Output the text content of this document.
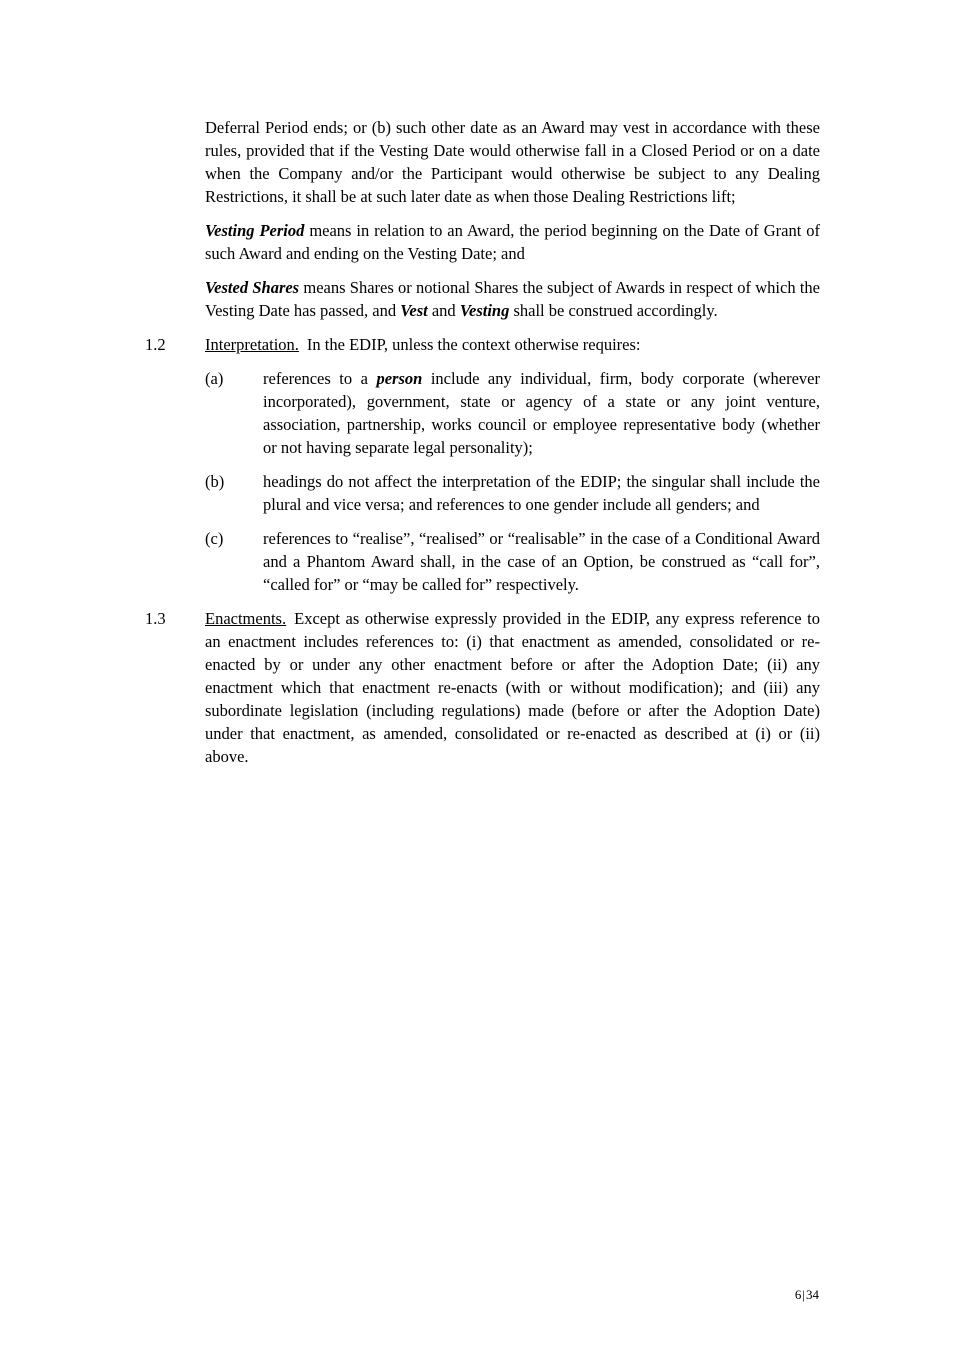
Deferral Period ends; or (b) such other date as an Award may vest in accordance with these rules, provided that if the Vesting Date would otherwise fall in a Closed Period or on a date when the Company and/or the Participant would otherwise be subject to any Dealing Restrictions, it shall be at such later date as when those Dealing Restrictions lift;

Vesting Period means in relation to an Award, the period beginning on the Date of Grant of such Award and ending on the Vesting Date; and

Vested Shares means Shares or notional Shares the subject of Awards in respect of which the Vesting Date has passed, and Vest and Vesting shall be construed accordingly.

1.2	Interpretation. In the EDIP, unless the context otherwise requires:
(a)	references to a person include any individual, firm, body corporate (wherever incorporated), government, state or agency of a state or any joint venture, association, partnership, works council or employee representative body (whether or not having separate legal personality);
(b)	headings do not affect the interpretation of the EDIP; the singular shall include the plural and vice versa; and references to one gender include all genders; and
(c)	references to “realise”, “realised” or “realisable” in the case of a Conditional Award and a Phantom Award shall, in the case of an Option, be construed as “call for”, “called for” or “may be called for” respectively.
1.3	Enactments. Except as otherwise expressly provided in the EDIP, any express reference to an enactment includes references to: (i) that enactment as amended, consolidated or re-enacted by or under any other enactment before or after the Adoption Date; (ii) any enactment which that enactment re-enacts (with or without modification); and (iii) any subordinate legislation (including regulations) made (before or after the Adoption Date) under that enactment, as amended, consolidated or re-enacted as described at (i) or (ii) above.
6|34
